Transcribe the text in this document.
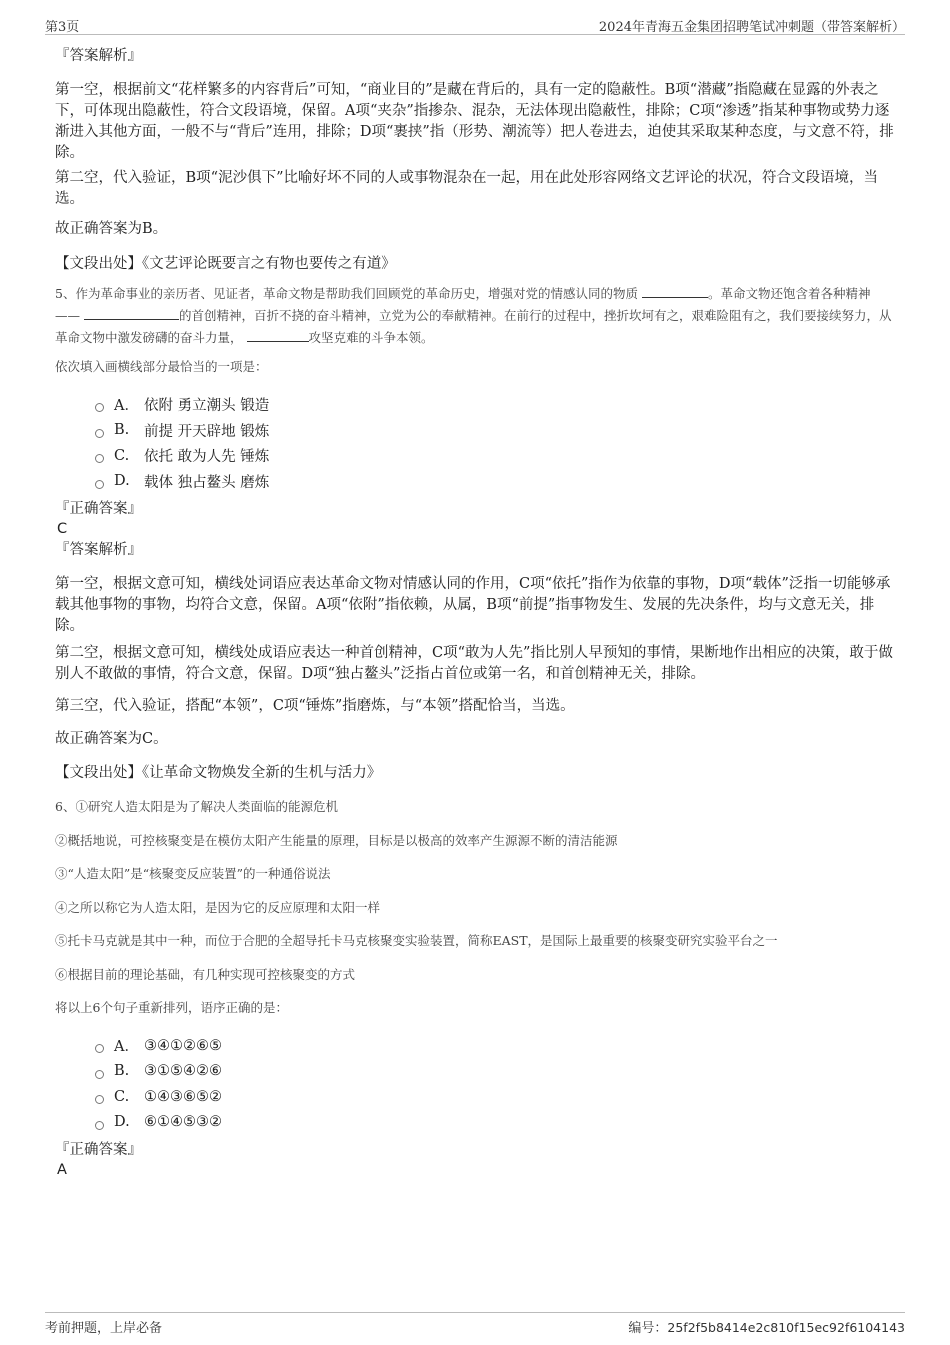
第3页	2024年青海五金集团招聘笔试冲刺题（带答案解析）
『答案解析』

第一空，根据前文“花样繁多的内容背后”可知，“商业目的”是藏在背后的，具有一定的隐蔽性。B项“潜藏”指隐藏在显露的外表之下，可体现出隐蔽性，符合文段语境，保留。A项“夹杂”指掺杂、混杂，无法体现出隐蔽性，排除；C项“渗透”指某种事物或势力逐渐进入其他方面，一般不与“背后”连用，排除；D项“裹挟”指（形势、潮流等）把人卷进去，迫使其采取某种态度，与文意不符，排除。

第二空，代入验证，B项“泥沙俱下”比喻好坏不同的人或事物混杂在一起，用在此处形容网络文艺评论的状况，符合文段语境，当选。

故正确答案为B。

【文段出处】《文艺评论既要言之有物也要传之有道》

5、作为革命事业的亲历者、见证者，革命文物是帮助我们回顾党的革命历史，增强对党的情感认同的物质	。革命文物还饱含着各种精神——	的首创精神，百折不挠的奋斗精神，立党为公的奉献精神。在前行的过程中，挫折坎坷有之，艰难险阻有之，我们要接续努力，从革命文物中激发磅礴的奋斗力量，	攻坚克难的斗争本领。

依次填入画横线部分最恰当的一项是：
A． 依附 勇立潮头 锻造
B.	前提 开天辟地 锻炼
C.	依托 敢为人先 锤炼
D. 载体 独占鳌头 磨炼
『正确答案』
C
『答案解析』

第一空，根据文意可知，横线处词语应表达革命文物对情感认同的作用，C项“依托”指作为依靠的事物，D项“载体”泛指一切能够承载其他事物的事物，均符合文意，保留。A项“依附”指依赖，从属，B项“前提”指事物发生、发展的先决条件，均与文意无关，排除。

第二空，根据文意可知，横线处成语应表达一种首创精神，C项“敢为人先”指比别人早预知的事情，果断地作出相应的决策，敢于做别人不敢做的事情，符合文意，保留。D项“独占鳌头”泛指占首位或第一名，和首创精神无关，排除。

第三空，代入验证，搭配“本领”，C项“锤炼”指磨炼，与“本领”搭配恰当，当选。

故正确答案为C。

【文段出处】《让革命文物焕发全新的生机与活力》
6、①研究人造太阳是为了解决人类面临的能源危机
②概括地说，可控核聚变是在模仿太阳产生能量的原理，目标是以极高的效率产生源源不断的清洁能源
③“人造太阳”是“核聚变反应装置”的一种通俗说法
④之所以称它为人造太阳，是因为它的反应原理和太阳一样
⑤托卡马克就是其中一种，而位于合肥的全超导托卡马克核聚变实验装置，简称EAST，是国际上最重要的核聚变研究实验平台之一
⑥根据目前的理论基础，有几种实现可控核聚变的方式
将以上6个句子重新排列，语序正确的是：
A． ③④①②⑥⑤
B.	③①⑤④②⑥
C.	①④③⑥⑤②
D. ⑥①④⑤③②
『正确答案』
A
考前押题，上岸必备	编号：25f2f5b8414e2c810f15ec92f6104143
